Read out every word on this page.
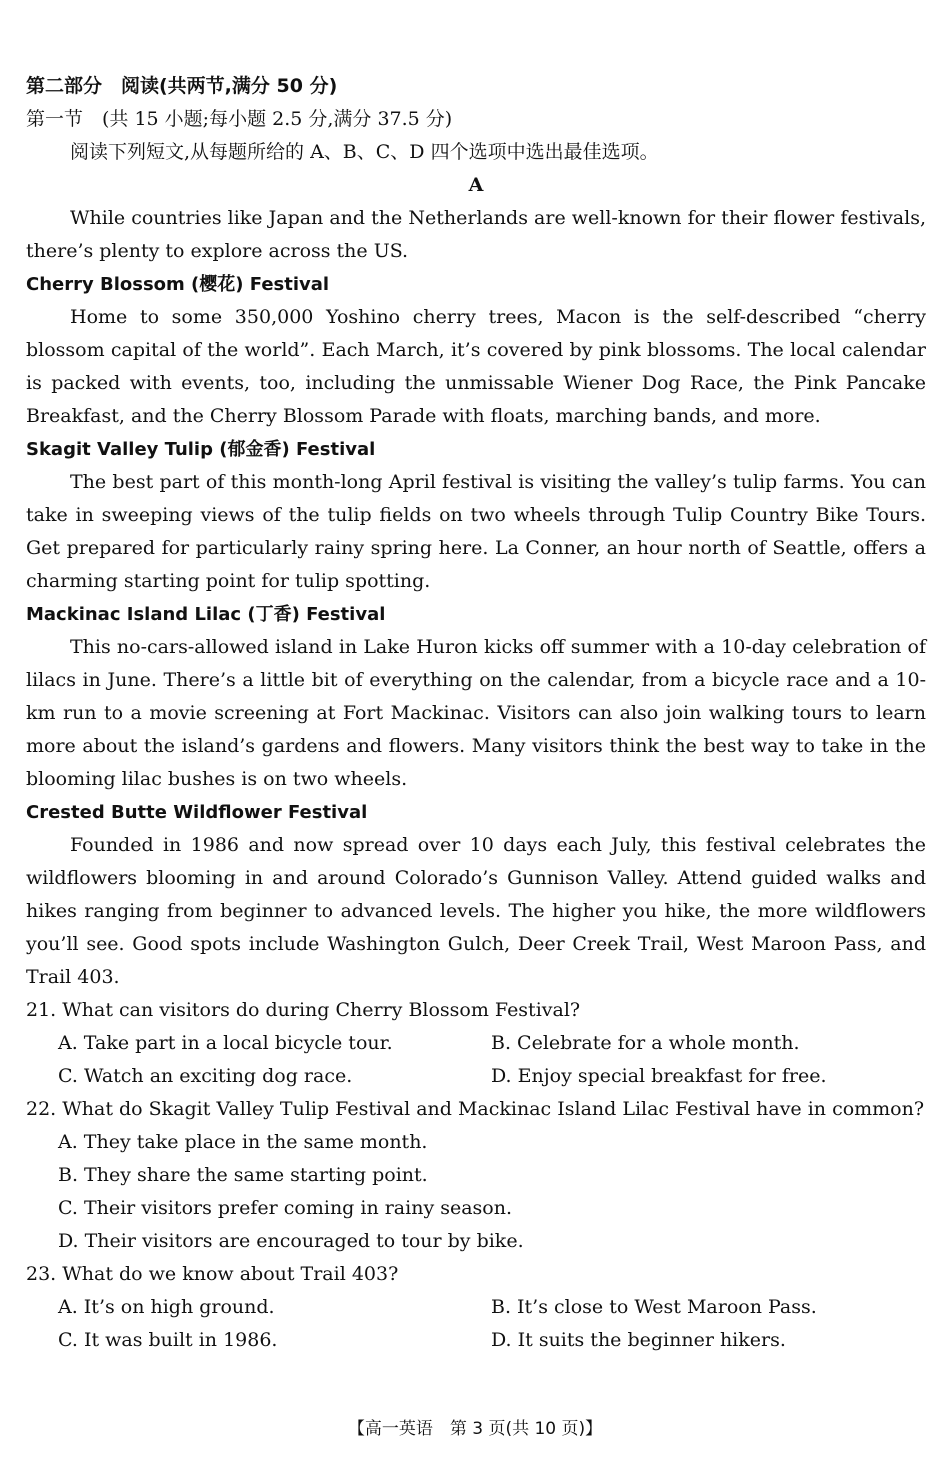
第二部分　阅读(共两节,满分 50 分)

第一节　(共 15 小题;每小题 2.5 分,满分 37.5 分)

阅读下列短文,从每题所给的 A、B、C、D 四个选项中选出最佳选项。

A

While countries like Japan and the Netherlands are well-known for their flower festivals, there’s plenty to explore across the US.

Cherry Blossom (樱花) Festival

Home to some 350,000 Yoshino cherry trees, Macon is the self-described “cherry blossom capital of the world”. Each March, it’s covered by pink blossoms. The local calendar is packed with events, too, including the unmissable Wiener Dog Race, the Pink Pancake Breakfast, and the Cherry Blossom Parade with floats, marching bands, and more.

Skagit Valley Tulip (郁金香) Festival

The best part of this month-long April festival is visiting the valley’s tulip farms. You can take in sweeping views of the tulip fields on two wheels through Tulip Country Bike Tours. Get prepared for particularly rainy spring here. La Conner, an hour north of Seattle, offers a charming starting point for tulip spotting.

Mackinac Island Lilac (丁香) Festival

This no-cars-allowed island in Lake Huron kicks off summer with a 10-day celebration of lilacs in June. There’s a little bit of everything on the calendar, from a bicycle race and a 10-km run to a movie screening at Fort Mackinac. Visitors can also join walking tours to learn more about the island’s gardens and flowers. Many visitors think the best way to take in the blooming lilac bushes is on two wheels.

Crested Butte Wildflower Festival

Founded in 1986 and now spread over 10 days each July, this festival celebrates the wildflowers blooming in and around Colorado’s Gunnison Valley. Attend guided walks and hikes ranging from beginner to advanced levels. The higher you hike, the more wildflowers you’ll see. Good spots include Washington Gulch, Deer Creek Trail, West Maroon Pass, and Trail 403.

21. What can visitors do during Cherry Blossom Festival?

A. Take part in a local bicycle tour.	B. Celebrate for a whole month.
C. Watch an exciting dog race.	D. Enjoy special breakfast for free.

22. What do Skagit Valley Tulip Festival and Mackinac Island Lilac Festival have in common?

A. They take place in the same month.

B. They share the same starting point.

C. Their visitors prefer coming in rainy season.

D. Their visitors are encouraged to tour by bike.

23. What do we know about Trail 403?

A. It’s on high ground.	B. It’s close to West Maroon Pass.
C. It was built in 1986.	D. It suits the beginner hikers.
【高一英语　第 3 页(共 10 页)】
